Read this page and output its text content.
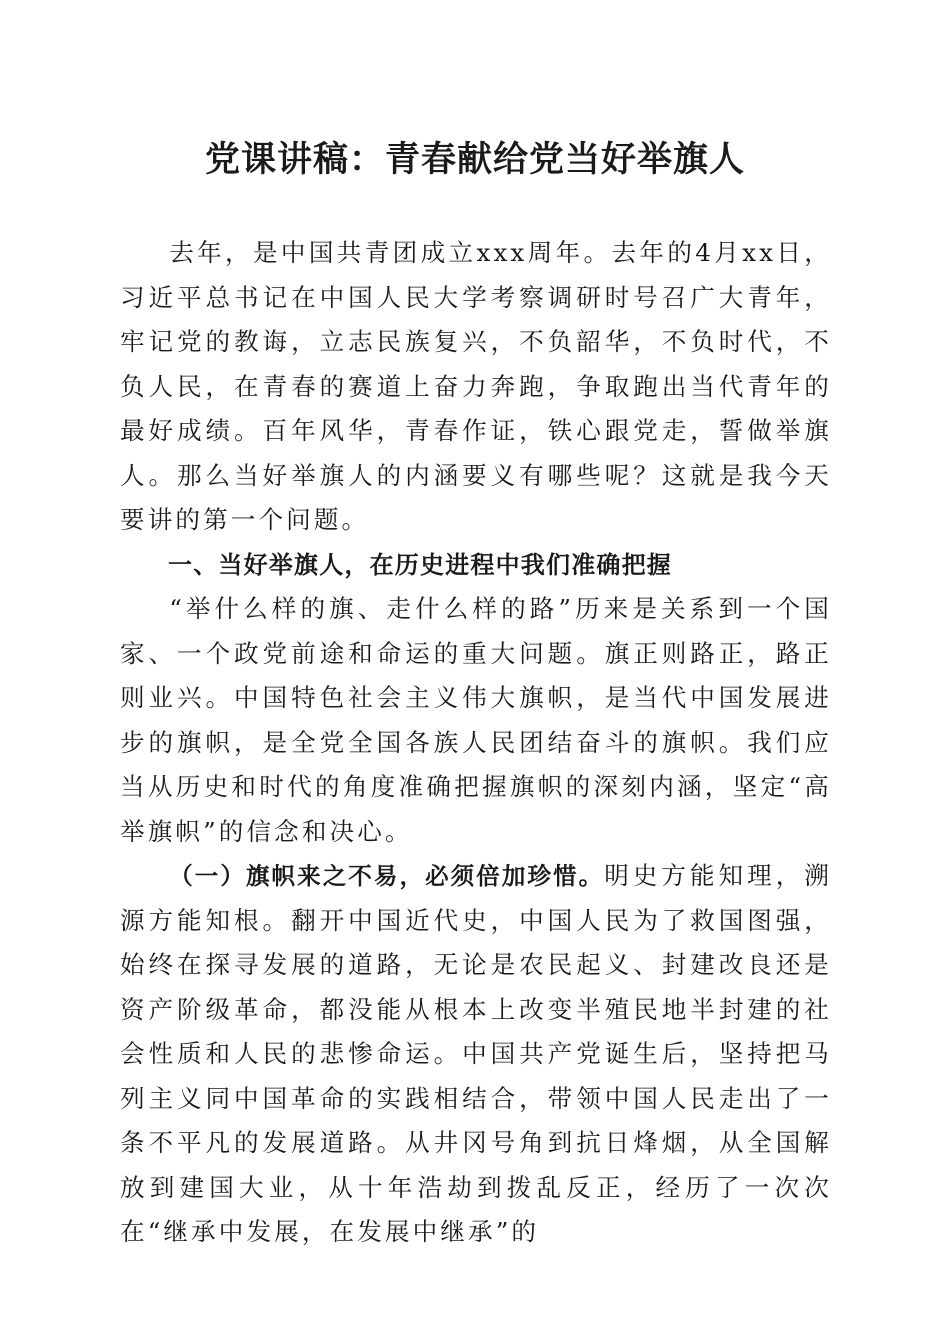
党课讲稿：青春献给党当好举旗人

去年，是中国共青团成立xxx周年。去年的4月xx日，习近平总书记在中国人民大学考察调研时号召广大青年，牢记党的教诲，立志民族复兴，不负韶华，不负时代，不负人民，在青春的赛道上奋力奔跑，争取跑出当代青年的最好成绩。百年风华，青春作证，铁心跟党走，誓做举旗人。那么当好举旗人的内涵要义有哪些呢？这就是我今天要讲的第一个问题。

一、当好举旗人，在历史进程中我们准确把握

“举什么样的旗、走什么样的路”历来是关系到一个国家、一个政党前途和命运的重大问题。旗正则路正，路正则业兴。中国特色社会主义伟大旗帜，是当代中国发展进步的旗帜，是全党全国各族人民团结奋斗的旗帜。我们应当从历史和时代的角度准确把握旗帜的深刻内涵，坚定“高举旗帜”的信念和决心。

（一）旗帜来之不易，必须倍加珍惜。明史方能知理，溯源方能知根。翻开中国近代史，中国人民为了救国图强，始终在探寻发展的道路，无论是农民起义、封建改良还是资产阶级革命，都没能从根本上改变半殖民地半封建的社会性质和人民的悲惨命运。中国共产党诞生后，坚持把马列主义同中国革命的实践相结合，带领中国人民走出了一条不平凡的发展道路。从井冈号角到抗日烽烟，从全国解放到建国大业，从十年浩劫到拨乱反正，经历了一次次在“继承中发展，在发展中继承”的
